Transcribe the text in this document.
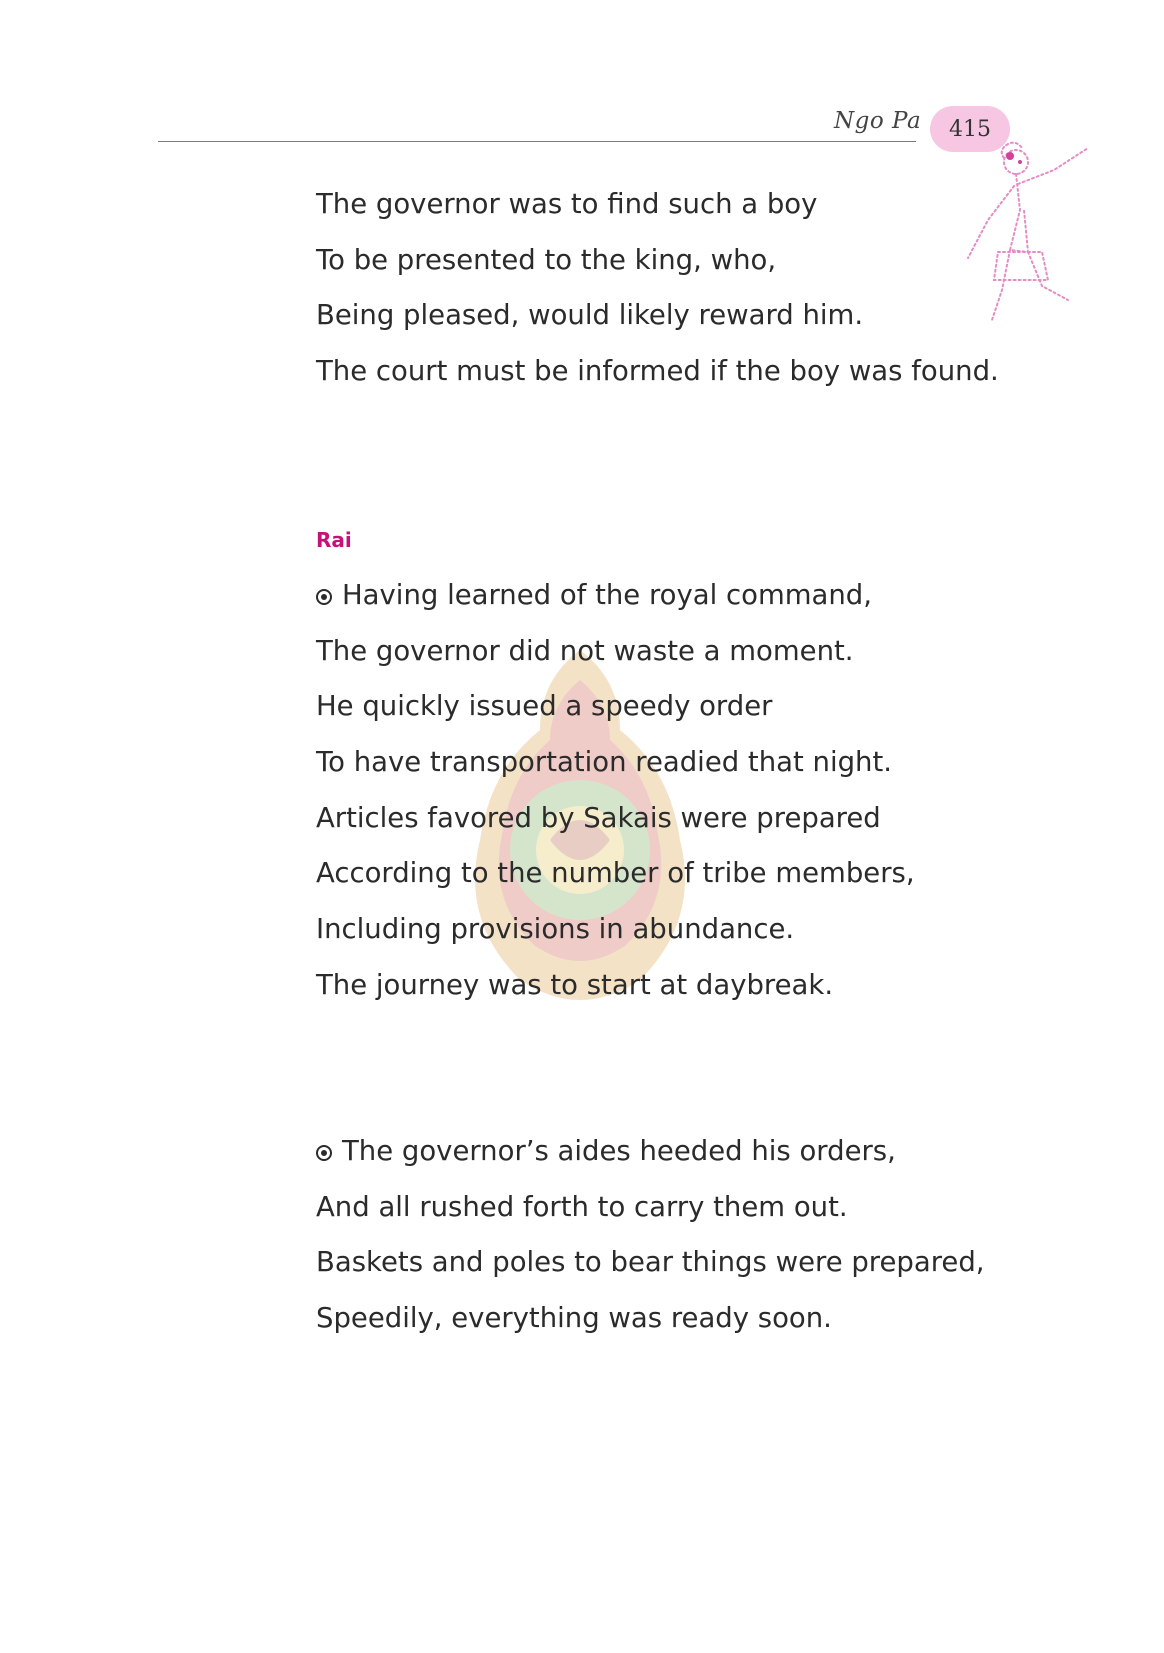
Ngo Pa 415
The governor was to find such a boy
To be presented to the king, who,
Being pleased, would likely reward him.
The court must be informed if the boy was found.
Rai
Having learned of the royal command,
The governor did not waste a moment.
He quickly issued a speedy order
To have transportation readied that night.
Articles favored by Sakais were prepared
According to the number of tribe members,
Including provisions in abundance.
The journey was to start at daybreak.
The governor’s aides heeded his orders,
And all rushed forth to carry them out.
Baskets and poles to bear things were prepared,
Speedily, everything was ready soon.
